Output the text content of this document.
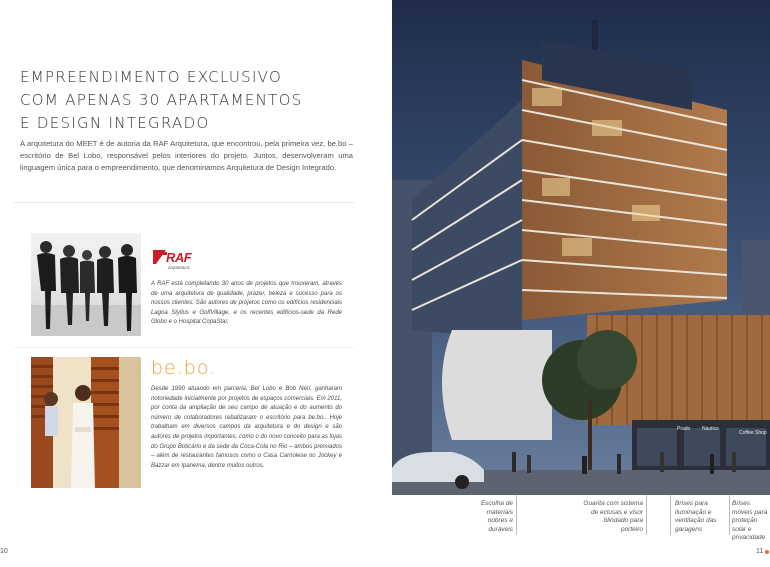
EMPREENDIMENTO EXCLUSIVO
COM APENAS 30 APARTAMENTOS
E DESIGN INTEGRADO
A arquitetura do MEET é de autoria da RAF Arquitetura, que encontrou, pela primeira vez, be.bo – escritório de Bel Lobo, responsável pelos interiores do projeto. Juntos, desenvolveram uma linguagem única para o empreendimento, que denominamos Arquitetura de Design Integrado.
RAF
arquitetura
A RAF está completando 30 anos de projetos que trouxeram, através de uma arquitetura de qualidade, prazer, beleza e sucesso para os nossos clientes. São autores de projetos como os edifícios residenciais Lagoa Styllus e GolfVillage, e os recentes edifícios-sede da Rede Globo e o Hospital CopaStar.
be.bo.
Desde 1990 atuando em parceria, Bel Lobo e Bob Neri, ganharam notoriedade inicialmente por projetos de espaços comerciais. Em 2011, por conta da ampliação de seu campo de atuação e do aumento do número de colaboradores rebatizaram o escritório para be.bo.. Hoje trabalham em diversos campos da arquitetura e do design e são autores de projetos importantes, como o do novo conceito para as lojas do Grupo Boticário e da sede da Coca-Cola no Rio – ambos premiados – além de restaurantes famosos como o Casa Carnolese no Jockey e Bazzar em Ipanema, dentre muitos outros.
10
Prado Nautics
Coffee Shop
Escolha de materiais nobres e duráveis
Guarita com sistema de eclusas e visor blindado para porteiro
Brises para iluminação e ventilação das garagens
Brises móveis para proteção solar e privacidade
11
